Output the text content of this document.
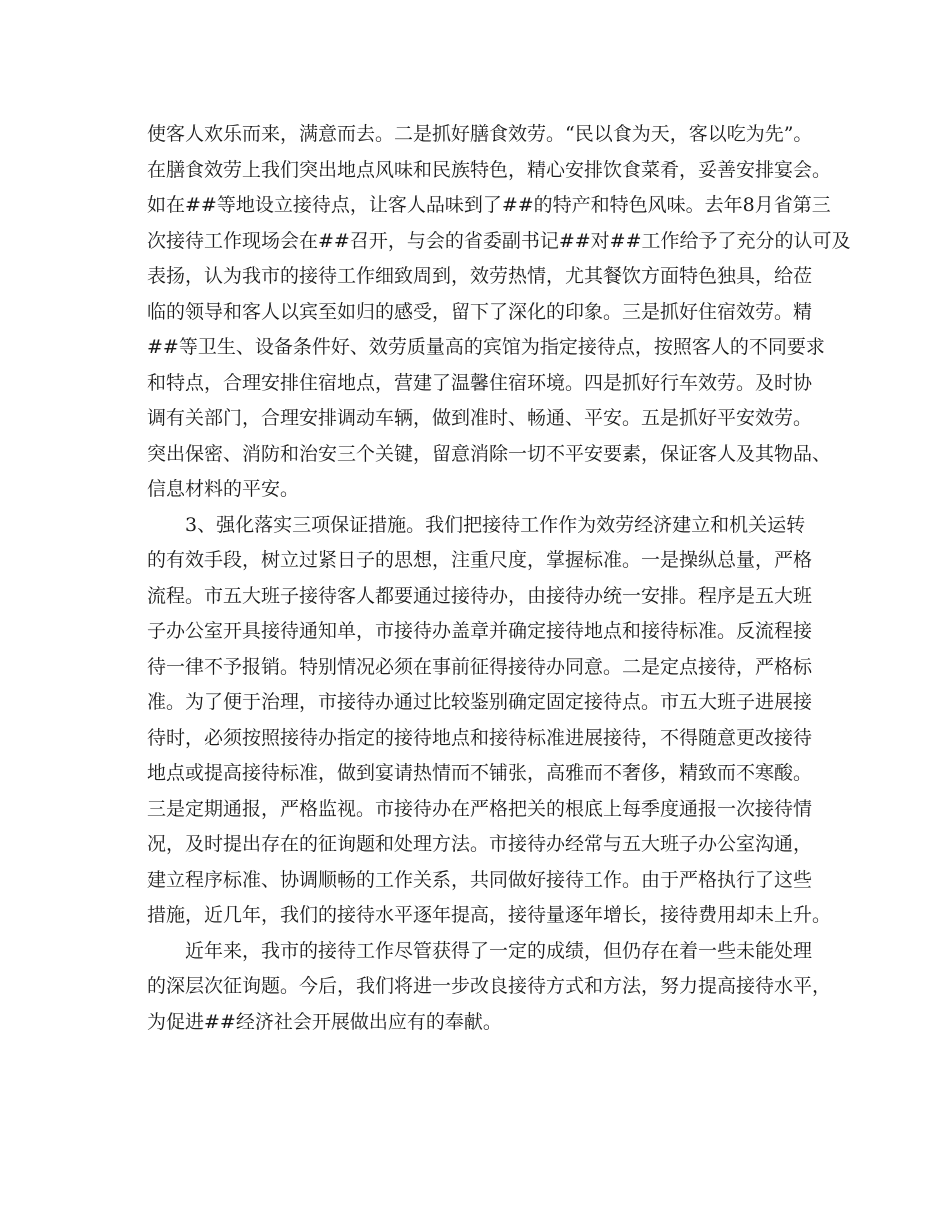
使客人欢乐而来，满意而去。二是抓好膳食效劳。“民以食为天，客以吃为先”。
在膳食效劳上我们突出地点风味和民族特色，精心安排饮食菜肴，妥善安排宴会。
如在##等地设立接待点，让客人品味到了##的特产和特色风味。去年8月省第三
次接待工作现场会在##召开，与会的省委副书记##对##工作给予了充分的认可及
表扬，认为我市的接待工作细致周到，效劳热情，尤其餐饮方面特色独具，给莅
临的领导和客人以宾至如归的感受，留下了深化的印象。三是抓好住宿效劳。精
##等卫生、设备条件好、效劳质量高的宾馆为指定接待点，按照客人的不同要求
和特点，合理安排住宿地点，营建了温馨住宿环境。四是抓好行车效劳。及时协
调有关部门，合理安排调动车辆，做到准时、畅通、平安。五是抓好平安效劳。
突出保密、消防和治安三个关键，留意消除一切不平安要素，保证客人及其物品、
信息材料的平安。
3、强化落实三项保证措施。我们把接待工作作为效劳经济建立和机关运转
的有效手段，树立过紧日子的思想，注重尺度，掌握标准。一是操纵总量，严格
流程。市五大班子接待客人都要通过接待办，由接待办统一安排。程序是五大班
子办公室开具接待通知单，市接待办盖章并确定接待地点和接待标准。反流程接
待一律不予报销。特别情况必须在事前征得接待办同意。二是定点接待，严格标
准。为了便于治理，市接待办通过比较鉴别确定固定接待点。市五大班子进展接
待时，必须按照接待办指定的接待地点和接待标准进展接待，不得随意更改接待
地点或提高接待标准，做到宴请热情而不铺张，高雅而不奢侈，精致而不寒酸。
三是定期通报，严格监视。市接待办在严格把关的根底上每季度通报一次接待情
况，及时提出存在的征询题和处理方法。市接待办经常与五大班子办公室沟通，
建立程序标准、协调顺畅的工作关系，共同做好接待工作。由于严格执行了这些
措施，近几年，我们的接待水平逐年提高，接待量逐年增长，接待费用却未上升。
近年来，我市的接待工作尽管获得了一定的成绩，但仍存在着一些未能处理
的深层次征询题。今后，我们将进一步改良接待方式和方法，努力提高接待水平，
为促进##经济社会开展做出应有的奉献。
